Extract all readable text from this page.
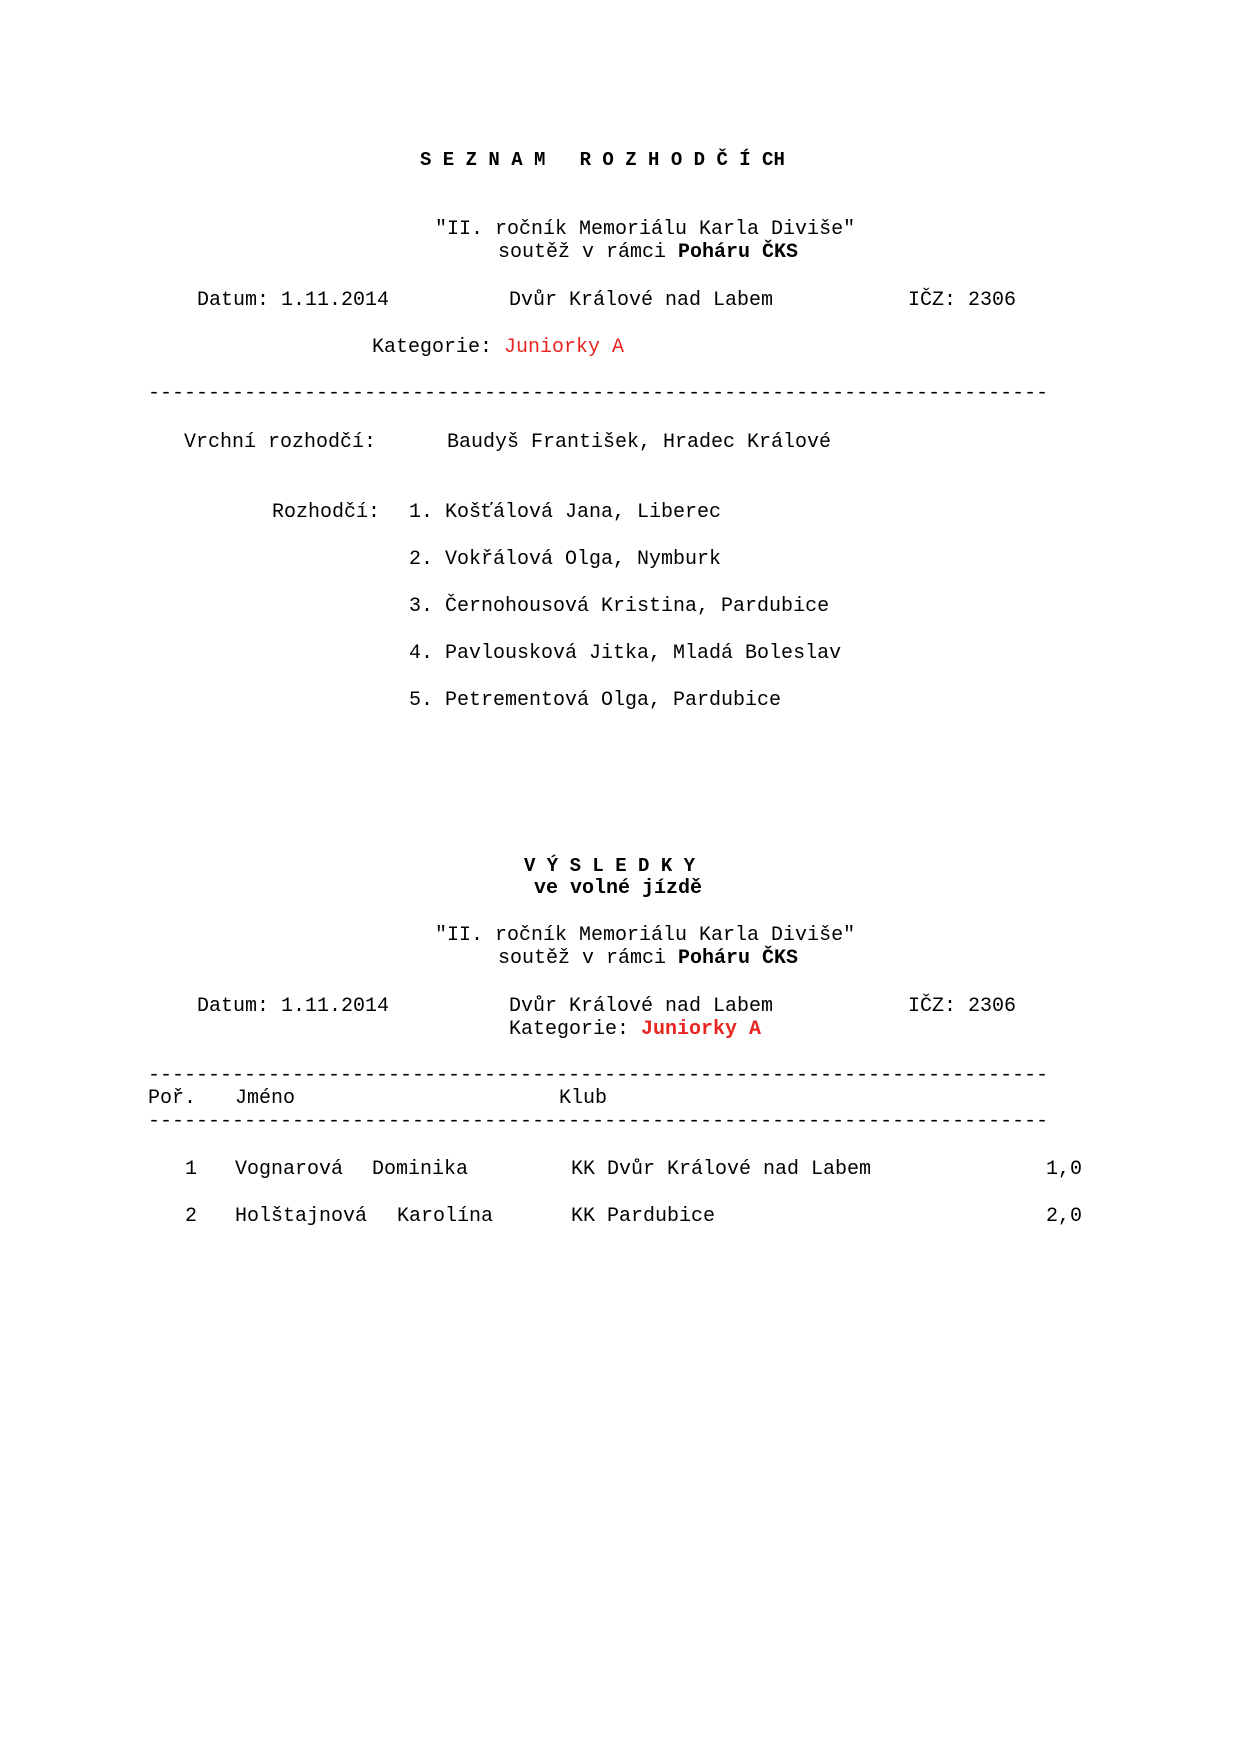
S E Z N A M   R O Z H O D Č Í CH
"II. ročník Memoriálu Karla Diviše"
soutěž v rámci Poháru ČKS
Datum: 1.11.2014	Dvůr Králové nad Labem	IČZ: 2306
Kategorie: Juniorky A
---------------------------------------------------------------------------
Vrchní rozhodčí:	Baudyš František, Hradec Králové
Rozhodčí: 1. Košťálová Jana, Liberec
2. Vokřálová Olga, Nymburk
3. Černohousová Kristina, Pardubice
4. Pavlousková Jitka, Mladá Boleslav
5. Petrementová Olga, Pardubice
V Ý S L E D K Y
ve volné jízdě
"II. ročník Memoriálu Karla Diviše"
soutěž v rámci Poháru ČKS
Datum: 1.11.2014	Dvůr Králové nad Labem	IČZ: 2306
Kategorie: Juniorky A
---------------------------------------------------------------------------
Poř. Jméno	Klub
---------------------------------------------------------------------------
1 Vognarová Dominika	KK Dvůr Králové nad Labem	1,0
2 Holštajnová Karolína	KK Pardubice	2,0
